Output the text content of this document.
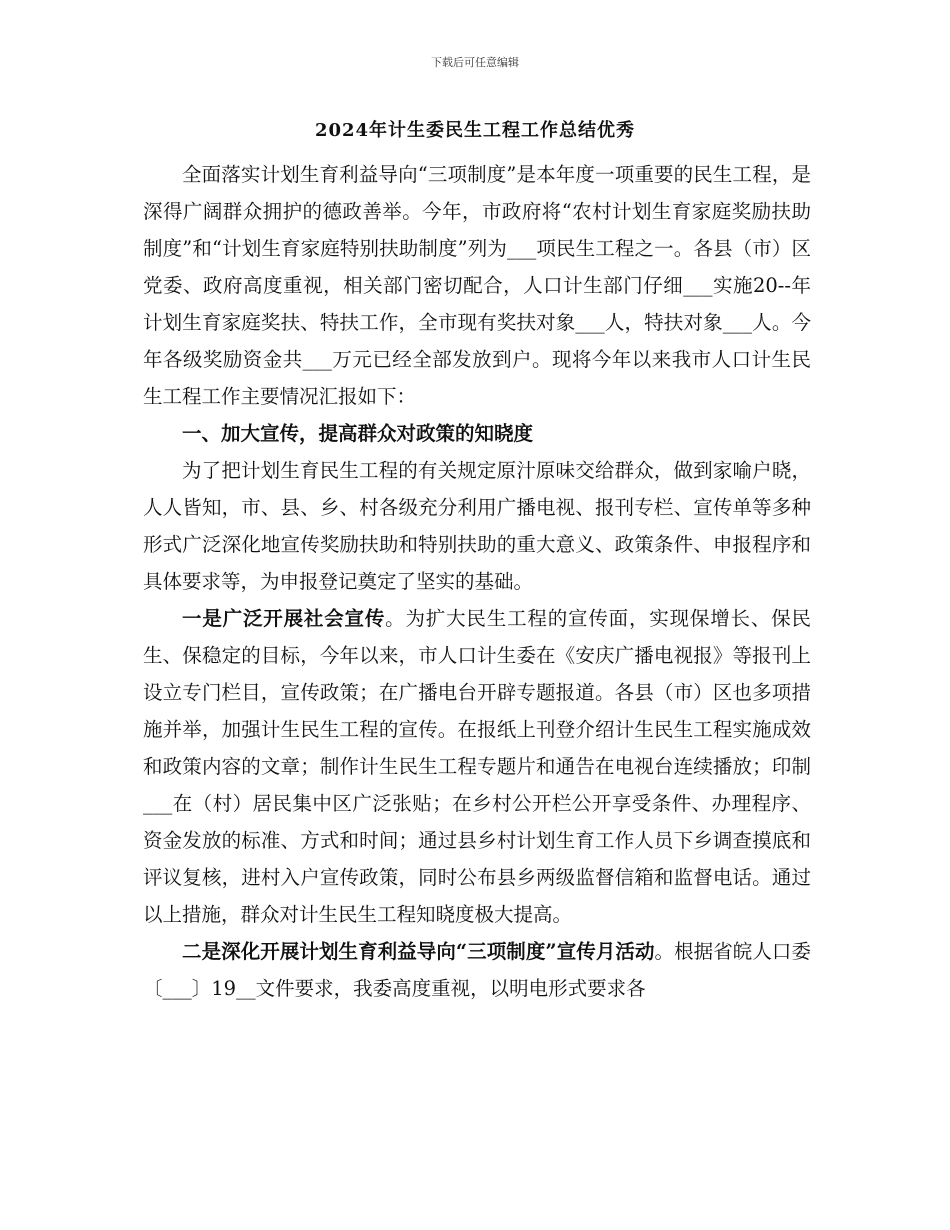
下载后可任意编辑
2024年计生委民生工程工作总结优秀

全面落实计划生育利益导向“三项制度”是本年度一项重要的民生工程，是深得广阔群众拥护的德政善举。今年，市政府将“农村计划生育家庭奖励扶助制度”和“计划生育家庭特别扶助制度”列为___项民生工程之一。各县（市）区党委、政府高度重视，相关部门密切配合，人口计生部门仔细___实施20--年计划生育家庭奖扶、特扶工作，全市现有奖扶对象___人，特扶对象___人。今年各级奖励资金共___万元已经全部发放到户。现将今年以来我市人口计生民生工程工作主要情况汇报如下：

一、加大宣传，提高群众对政策的知晓度

为了把计划生育民生工程的有关规定原汁原味交给群众，做到家喻户晓，人人皆知，市、县、乡、村各级充分利用广播电视、报刊专栏、宣传单等多种形式广泛深化地宣传奖励扶助和特别扶助的重大意义、政策条件、申报程序和具体要求等，为申报登记奠定了坚实的基础。

一是广泛开展社会宣传。为扩大民生工程的宣传面，实现保增长、保民生、保稳定的目标，今年以来，市人口计生委在《安庆广播电视报》等报刊上设立专门栏目，宣传政策；在广播电台开辟专题报道。各县（市）区也多项措施并举，加强计生民生工程的宣传。在报纸上刊登介绍计生民生工程实施成效和政策内容的文章；制作计生民生工程专题片和通告在电视台连续播放；印制___在（村）居民集中区广泛张贴；在乡村公开栏公开享受条件、办理程序、资金发放的标准、方式和时间；通过县乡村计划生育工作人员下乡调查摸底和评议复核，进村入户宣传政策，同时公布县乡两级监督信箱和监督电话。通过以上措施，群众对计生民生工程知晓度极大提高。

二是深化开展计划生育利益导向“三项制度”宣传月活动。根据省皖人口委〔___〕19__文件要求，我委高度重视，以明电形式要求各
